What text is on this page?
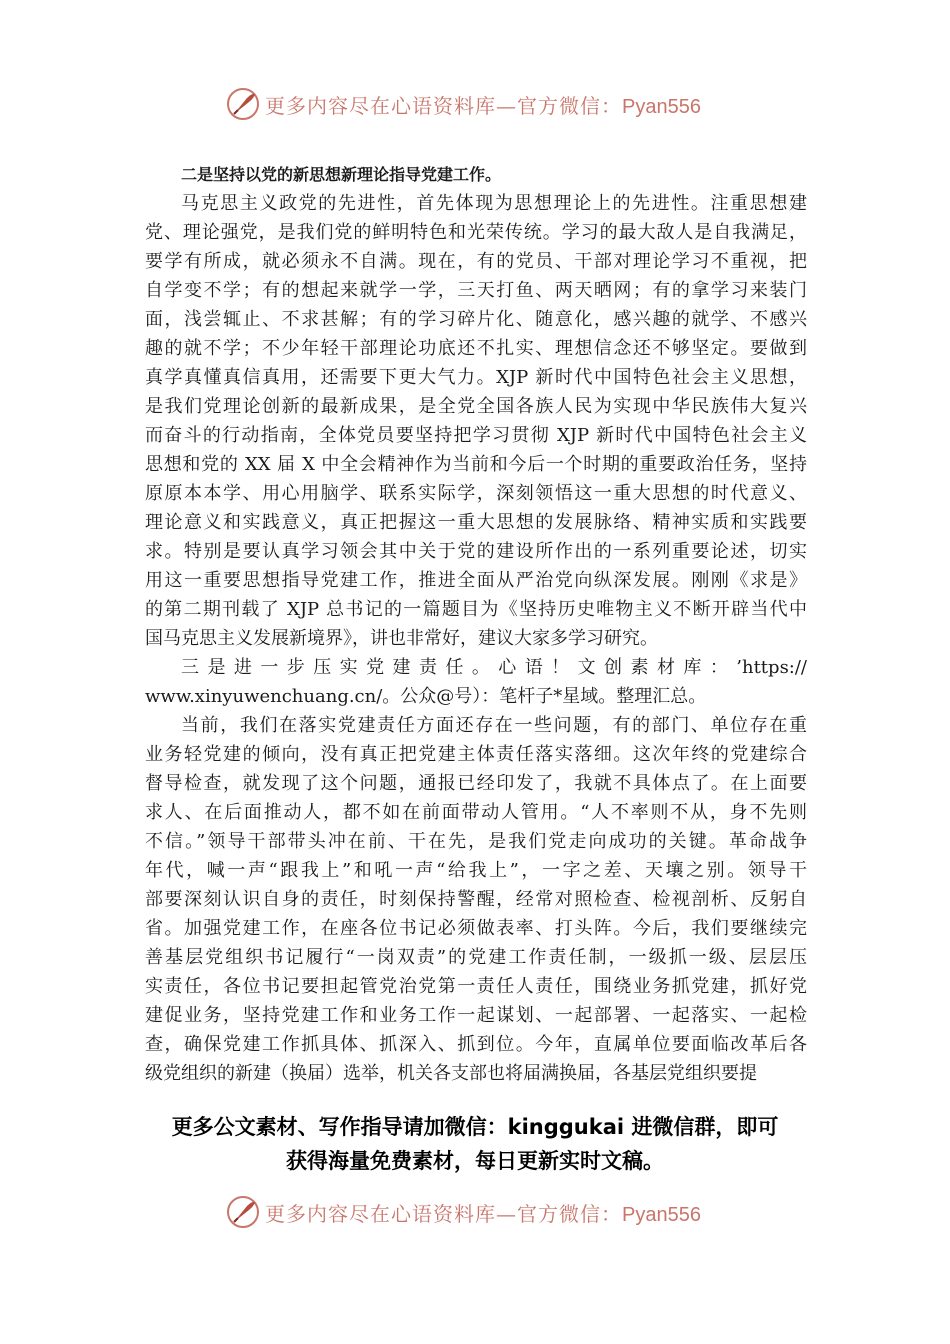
更多内容尽在心语资料库—官方微信：Pyan556
二是坚持以党的新思想新理论指导党建工作。
马克思主义政党的先进性，首先体现为思想理论上的先进性。注重思想建
党、理论强党，是我们党的鲜明特色和光荣传统。学习的最大敌人是自我满足，
要学有所成，就必须永不自满。现在，有的党员、干部对理论学习不重视，把
自学变不学；有的想起来就学一学，三天打鱼、两天晒网；有的拿学习来装门
面，浅尝辄止、不求甚解；有的学习碎片化、随意化，感兴趣的就学、不感兴
趣的就不学；不少年轻干部理论功底还不扎实、理想信念还不够坚定。要做到
真学真懂真信真用，还需要下更大气力。XJP 新时代中国特色社会主义思想，
是我们党理论创新的最新成果，是全党全国各族人民为实现中华民族伟大复兴
而奋斗的行动指南，全体党员要坚持把学习贯彻 XJP 新时代中国特色社会主义
思想和党的 XX 届 X 中全会精神作为当前和今后一个时期的重要政治任务，坚持
原原本本学、用心用脑学、联系实际学，深刻领悟这一重大思想的时代意义、
理论意义和实践意义，真正把握这一重大思想的发展脉络、精神实质和实践要
求。特别是要认真学习领会其中关于党的建设所作出的一系列重要论述，切实
用这一重要思想指导党建工作，推进全面从严治党向纵深发展。刚刚《求是》
的第二期刊载了 XJP 总书记的一篇题目为《坚持历史唯物主义不断开辟当代中
国马克思主义发展新境界》，讲也非常好，建议大家多学习研究。
三 是 进 一 步 压 实 党 建 责 任 。 心 语 ！ 文 创 素 材 库 ： ’https://
www.xinyuwenchuang.cn/。公众@号）：笔杆子*星域。整理汇总。
当前，我们在落实党建责任方面还存在一些问题，有的部门、单位存在重
业务轻党建的倾向，没有真正把党建主体责任落实落细。这次年终的党建综合
督导检查，就发现了这个问题，通报已经印发了，我就不具体点了。在上面要
求人、在后面推动人，都不如在前面带动人管用。“人不率则不从，身不先则
不信。”领导干部带头冲在前、干在先，是我们党走向成功的关键。革命战争
年代，喊一声“跟我上”和吼一声“给我上”，一字之差、天壤之别。领导干
部要深刻认识自身的责任，时刻保持警醒，经常对照检查、检视剖析、反躬自
省。加强党建工作，在座各位书记必须做表率、打头阵。今后，我们要继续完
善基层党组织书记履行“一岗双责”的党建工作责任制，一级抓一级、层层压
实责任，各位书记要担起管党治党第一责任人责任，围绕业务抓党建，抓好党
建促业务，坚持党建工作和业务工作一起谋划、一起部署、一起落实、一起检
查，确保党建工作抓具体、抓深入、抓到位。今年，直属单位要面临改革后各
级党组织的新建（换届）选举，机关各支部也将届满换届，各基层党组织要提
更多公文素材、写作指导请加微信：kinggukai 进微信群，即可
获得海量免费素材，每日更新实时文稿。
更多内容尽在心语资料库—官方微信：Pyan556
